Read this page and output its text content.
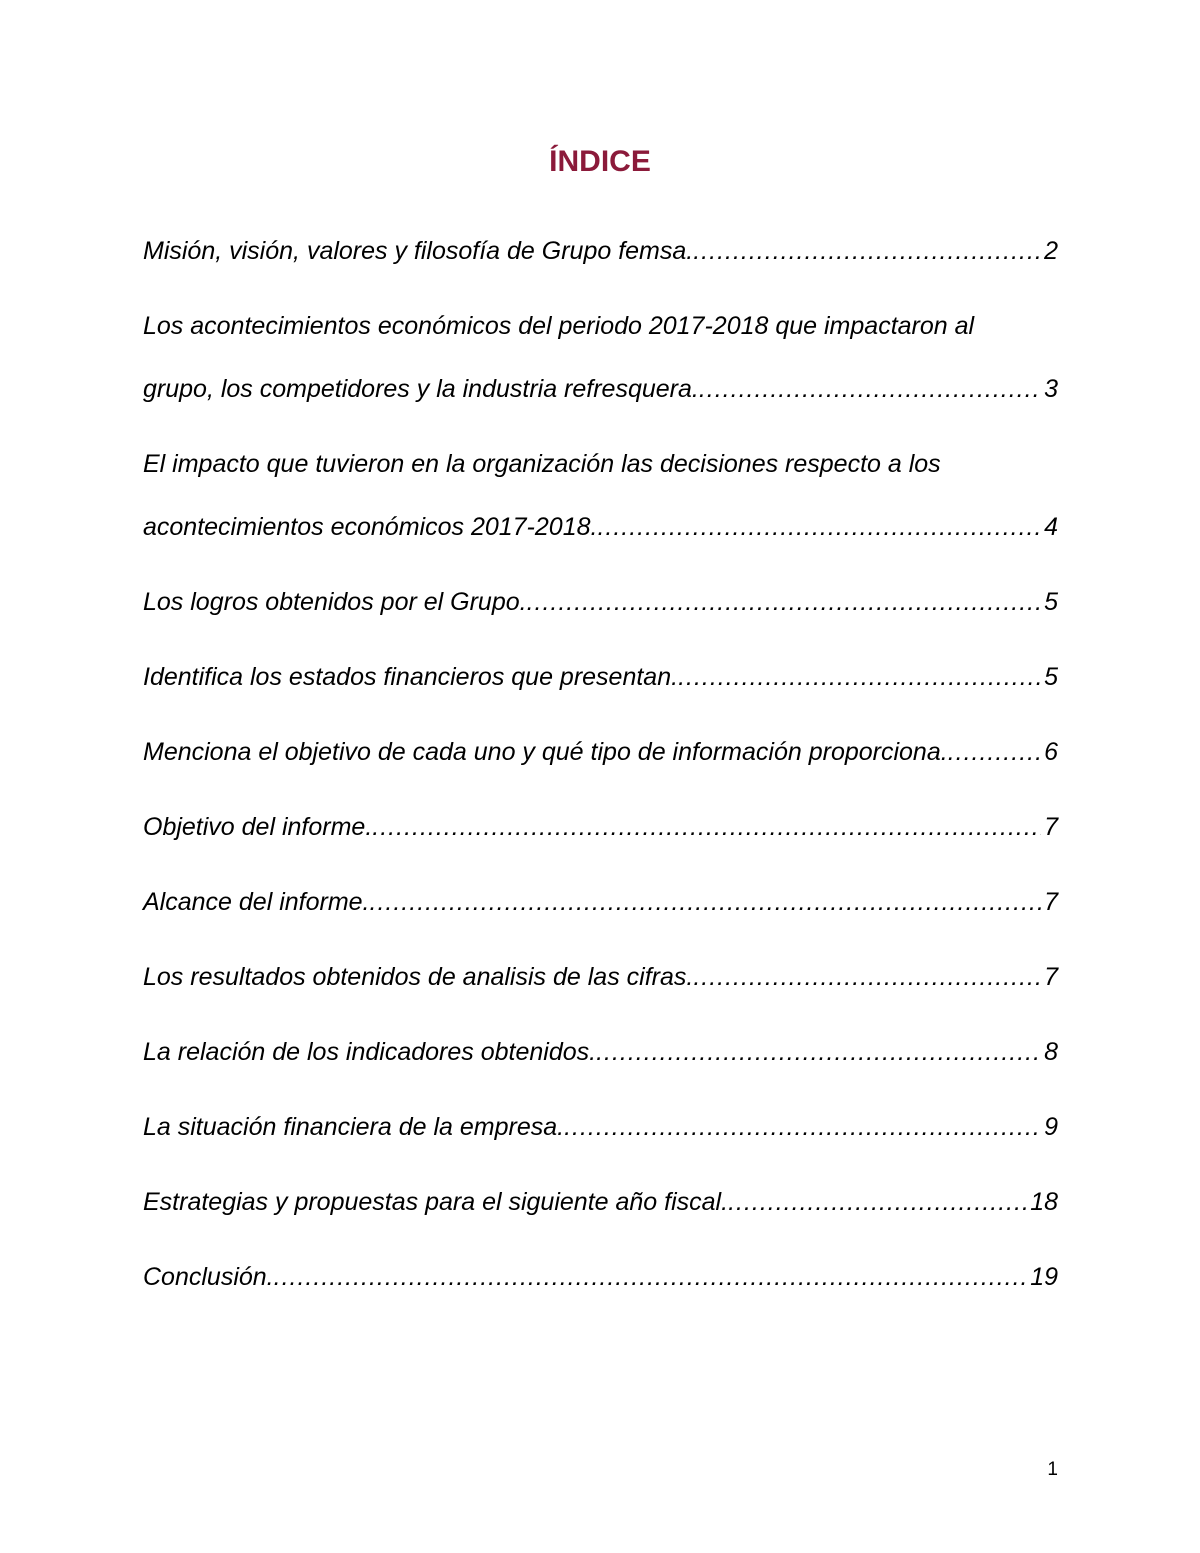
ÍNDICE
Misión, visión, valores y filosofía de Grupo femsa. .....	2
Los acontecimientos económicos del periodo 2017-2018 que impactaron al
grupo, los competidores y la industria refresquera. .....	3
El impacto que tuvieron en la organización las decisiones respecto a los
acontecimientos económicos 2017-2018. .....	4
Los logros obtenidos por el Grupo. .....	5
Identifica los estados financieros que presentan. .....	5
Menciona el objetivo de cada uno y qué tipo de información proporciona. .....	6
Objetivo del informe. .....	7
Alcance del informe. .....	7
Los resultados obtenidos de analisis de las cifras. .....	7
La relación de los indicadores obtenidos. .....	8
La situación financiera de la empresa. .....	9
Estrategias y propuestas para el siguiente año fiscal. .....	18
Conclusión. .....	19
1
